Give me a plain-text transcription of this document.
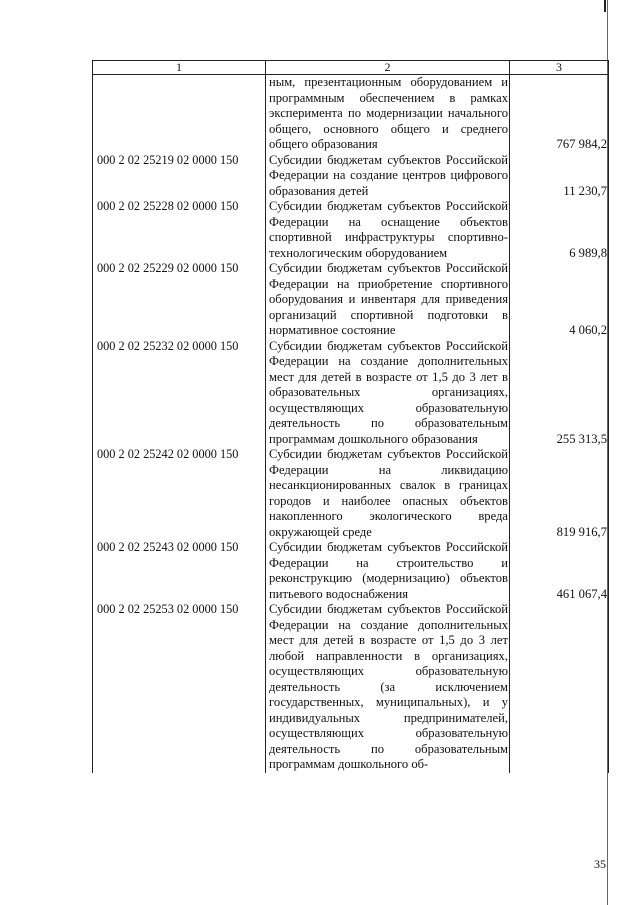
1	2	3
	ным, презентационным оборудованием и программным обеспечением в рамках эксперимента по модернизации начального общего, основного общего и среднего общего образования	767 984,2
000 2 02 25219 02 0000 150	Субсидии бюджетам субъектов Российской Федерации на создание центров цифрового образования детей	11 230,7
000 2 02 25228 02 0000 150	Субсидии бюджетам субъектов Российской Федерации на оснащение объектов спортивной инфраструктуры спортивно-технологическим оборудованием	6 989,8
000 2 02 25229 02 0000 150	Субсидии бюджетам субъектов Российской Федерации на приобретение спортивного оборудования и инвентаря для приведения организаций спортивной подготовки в нормативное состояние	4 060,2
000 2 02 25232 02 0000 150	Субсидии бюджетам субъектов Российской Федерации на создание дополнительных мест для детей в возрасте от 1,5 до 3 лет в образовательных организациях, осуществляющих образовательную деятельность по образовательным программам дошкольного образования	255 313,5
000 2 02 25242 02 0000 150	Субсидии бюджетам субъектов Российской Федерации на ликвидацию несанкционированных свалок в границах городов и наиболее опасных объектов накопленного экологического вреда окружающей среде	819 916,7
000 2 02 25243 02 0000 150	Субсидии бюджетам субъектов Российской Федерации на строительство и реконструкцию (модернизацию) объектов питьевого водоснабжения	461 067,4
000 2 02 25253 02 0000 150	Субсидии бюджетам субъектов Российской Федерации на создание дополнительных мест для детей в возрасте от 1,5 до 3 лет любой направленности в организациях, осуществляющих образовательную деятельность (за исключением государственных, муниципальных), и у индивидуальных предпринимателей, осуществляющих образовательную деятельность по образовательным программам дошкольного об-	
35
